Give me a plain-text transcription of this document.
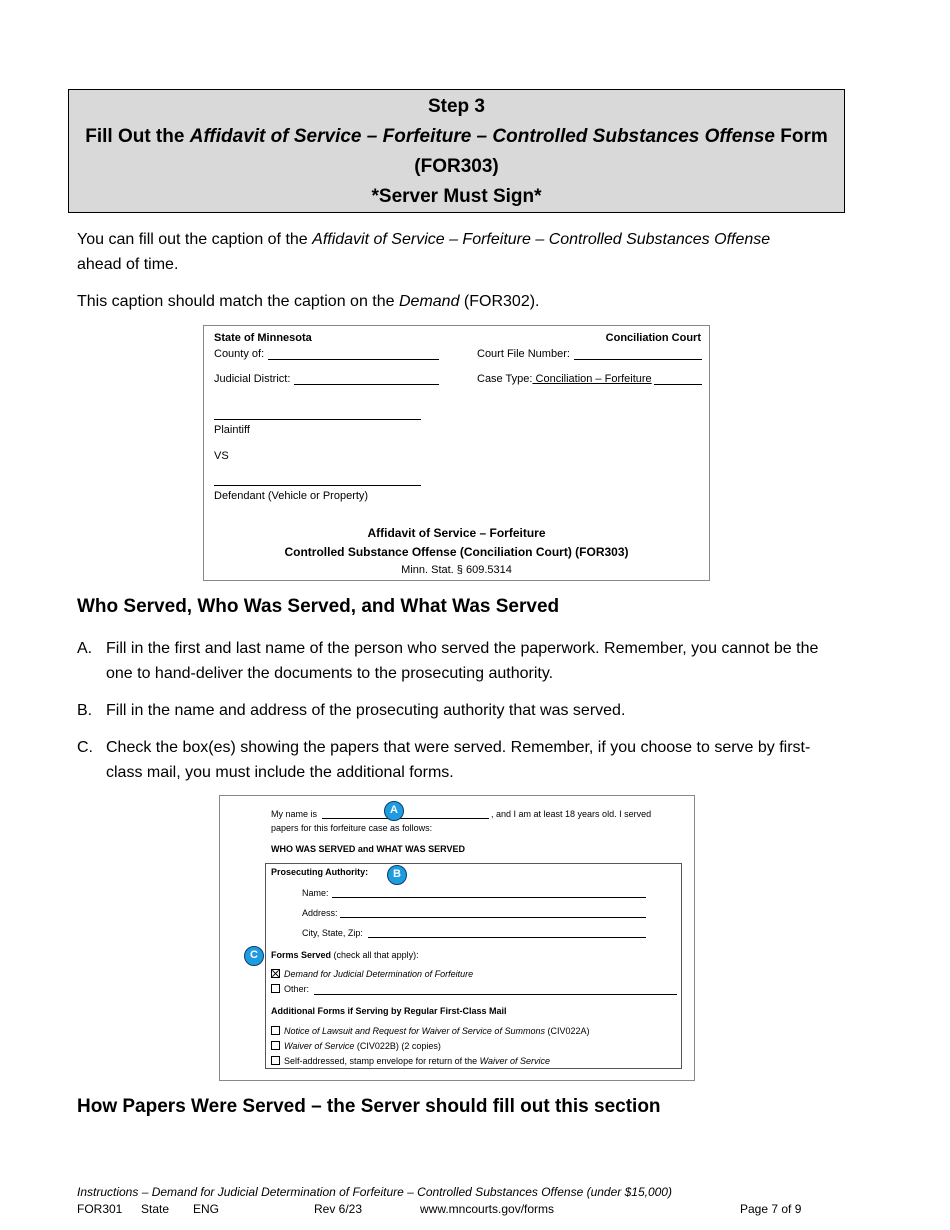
Step 3
Fill Out the Affidavit of Service – Forfeiture – Controlled Substances Offense Form
(FOR303)
*Server Must Sign*
You can fill out the caption of the Affidavit of Service – Forfeiture – Controlled Substances Offense
ahead of time.
This caption should match the caption on the Demand (FOR302).
State of Minnesota	Conciliation Court
County of:	Court File Number:
Judicial District:	Case Type: Conciliation – Forfeiture
Plaintiff
VS
Defendant (Vehicle or Property)
Affidavit of Service – Forfeiture
Controlled Substance Offense (Conciliation Court) (FOR303)
Minn. Stat. § 609.5314
Who Served, Who Was Served, and What Was Served
A. Fill in the first and last name of the person who served the paperwork. Remember, you cannot be the one to hand-deliver the documents to the prosecuting authority.
B. Fill in the name and address of the prosecuting authority that was served.
C. Check the box(es) showing the papers that were served. Remember, if you choose to serve by first-class mail, you must include the additional forms.
My name is	, and I am at least 18 years old. I served
papers for this forfeiture case as follows:
WHO WAS SERVED and WHAT WAS SERVED
A
Prosecuting Authority:
Name:
Address:
City, State, Zip:
Forms Served (check all that apply):
Demand for Judicial Determination of Forfeiture
Other:
Additional Forms if Serving by Regular First-Class Mail
Notice of Lawsuit and Request for Waiver of Service of Summons (CIV022A)
Waiver of Service (CIV022B) (2 copies)
Self-addressed, stamp envelope for return of the Waiver of Service
B
C
How Papers Were Served – the Server should fill out this section
Instructions – Demand for Judicial Determination of Forfeiture – Controlled Substances Offense (under $15,000)
FOR301 State ENG	Rev 6/23	www.mncourts.gov/forms	Page 7 of 9
